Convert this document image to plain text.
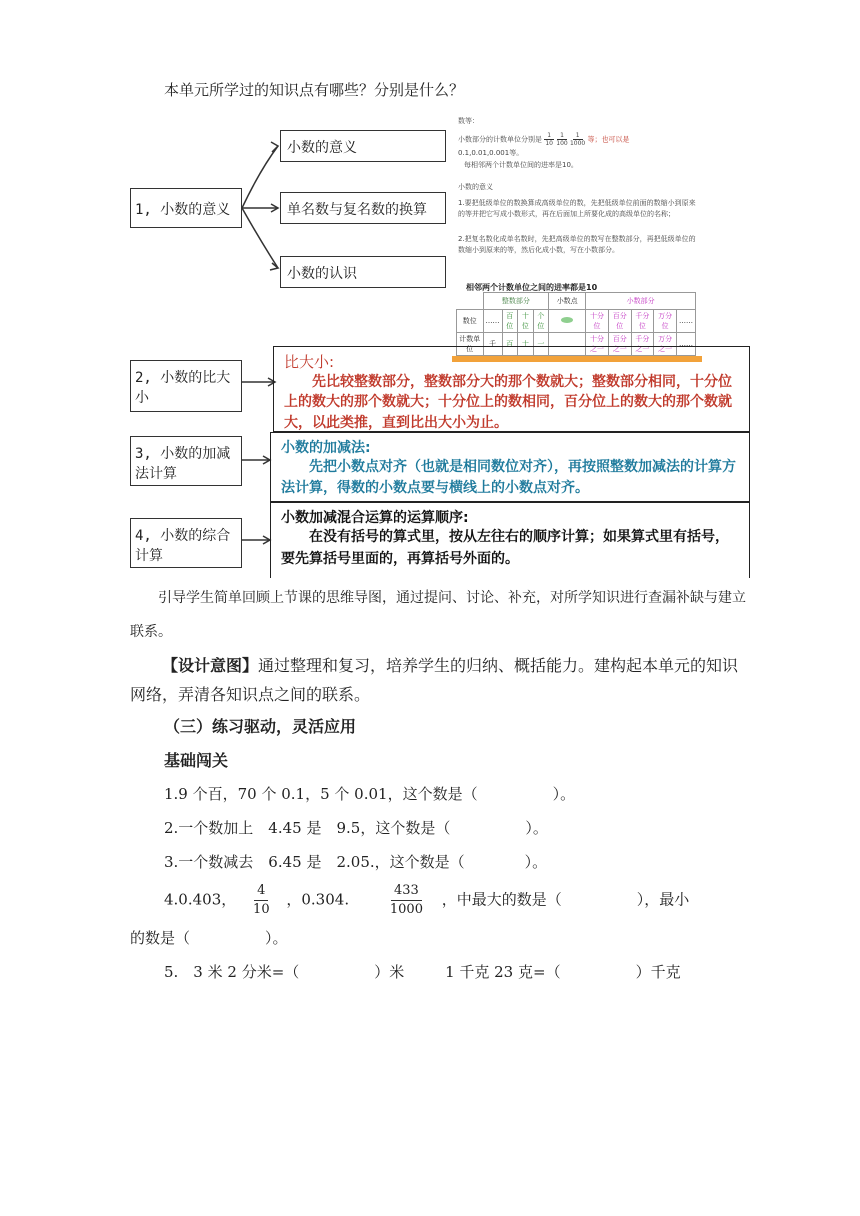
本单元所学过的知识点有哪些？分别是什么？
1, 小数的意义
小数的意义
单名数与复名数的换算
小数的认识
2, 小数的比大小
3, 小数的加减法计算
4, 小数的综合计算
数等：
小数部分的计数单位分别是 $\frac{1}{10}$
$\frac{1}{100}$
$\frac{1}{1000}$ 等；也可以是
0.1,0.01,0.001等。
每相邻两个计数单位间的进率是10。
小数的意义
1.要把低级单位的数换算成高级单位的数，先把低级单位前面的数缩小到原来的等并把它写成小数形式，再在后面加上所要化成的高级单位的名称；
2.把复名数化成单名数时，先把高级单位的数写在整数部分，再把低级单位的数缩小到原来的等，然后化成小数，写在小数部分。
相邻两个计数单位之间的进率都是10
	整数部分				小数点	小数部分				
数位	……	百位	十位	个位		十分位	百分位	千分位	万分位	……
计数单位	千	百	十	一		十分之一	百分之一	千分之一	万分之一	……
比大小:
先比较整数部分，整数部分大的那个数就大；整数部分相同，十分位上的数大的那个数就大；十分位上的数相同，百分位上的数大的那个数就大，以此类推，直到比出大小为止。
小数的加减法:
先把小数点对齐（也就是相同数位对齐），再按照整数加减法的计算方法计算，得数的小数点要与横线上的小数点对齐。
小数加减混合运算的运算顺序:
在没有括号的算式里，按从左往右的顺序计算；如果算式里有括号，要先算括号里面的，再算括号外面的。
引导学生简单回顾上节课的思维导图，通过提问、讨论、补充，对所学知识进行查漏补缺与建立联系。
【设计意图】通过整理和复习，培养学生的归纳、概括能力。建构起本单元的知识网络，弄清各知识点之间的联系。
（三）练习驱动，灵活应用
基础闯关
1.9 个百，70 个 0.1，5 个 0.01，这个数是（　　　　　）。
2.一个数加上　4.45 是　9.5，这个数是（　　　　　）。
3.一个数减去　6.45 是　2.05.，这个数是（　　　　）。
4.0.403， $\frac{4}{10}$ ，0.304.	$\frac{433}{1000}$ ，中最大的数是（　　　　　），最小
的数是（　　　　　）。
5.　3 米 2 分米=（　　　　　）米	1 千克 23 克=（　　　　　）千克
